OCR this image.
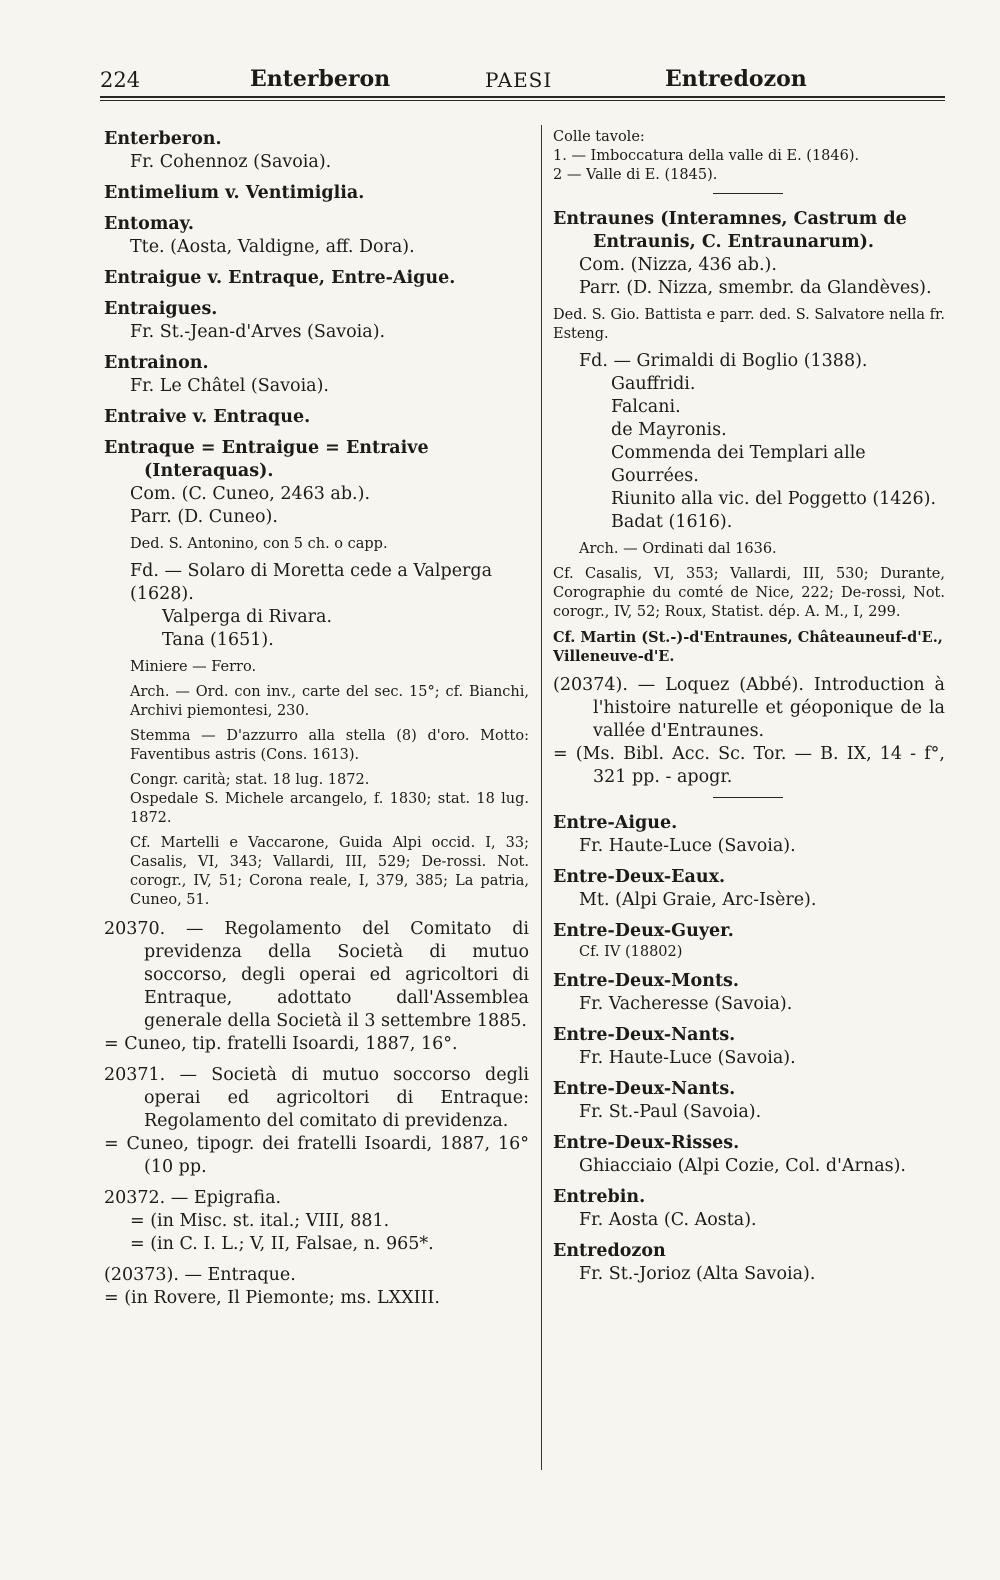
224	Enterberon	PAESI	Entredozon
Enterberon.
Fr. Cohennoz (Savoia).
Entimelium v. Ventimiglia.
Entomay.
Tte. (Aosta, Valdigne, aff. Dora).
Entraigue v. Entraque, Entre-Aigue.
Entraigues.
Fr. St.-Jean-d'Arves (Savoia).
Entrainon.
Fr. Le Châtel (Savoia).
Entraive v. Entraque.
Entraque = Entraigue = Entraive (Interaquas).
Com. (C. Cuneo, 2463 ab.).
Parr. (D. Cuneo).
Ded. S. Antonino, con 5 ch. o capp.
Fd. — Solaro di Moretta cede a Valperga (1628).
Valperga di Rivara.
Tana (1651).
Miniere — Ferro.
Arch. — Ord. con inv., carte del sec. 15°; cf. Bianchi, Archivi piemontesi, 230.
Stemma — D'azzurro alla stella (8) d'oro. Motto: Faventibus astris (Cons. 1613).
Congr. carità; stat. 18 lug. 1872.
Ospedale S. Michele arcangelo, f. 1830; stat. 18 lug. 1872.
Cf. Martelli e Vaccarone, Guida Alpi occid. I, 33; Casalis, VI, 343; Vallardi, III, 529; De-rossi. Not. corogr., IV, 51; Corona reale, I, 379, 385; La patria, Cuneo, 51.
20370. — Regolamento del Comitato di previdenza della Società di mutuo soccorso, degli operai ed agricoltori di Entraque, adottato dall'Assemblea generale della Società il 3 settembre 1885.
= Cuneo, tip. fratelli Isoardi, 1887, 16°.
20371. — Società di mutuo soccorso degli operai ed agricoltori di Entraque: Regolamento del comitato di previdenza.
= Cuneo, tipogr. dei fratelli Isoardi, 1887, 16° (10 pp.
20372. — Epigrafia.
= (in Misc. st. ital.; VIII, 881.
= (in C. I. L.; V, II, Falsae, n. 965*.
(20373). — Entraque.
= (in Rovere, Il Piemonte; ms. LXXIII.
Colle tavole:
1. — Imboccatura della valle di E. (1846).
2 — Valle di E. (1845).
Entraunes (Interamnes, Castrum de Entraunis, C. Entraunarum).
Com. (Nizza, 436 ab.).
Parr. (D. Nizza, smembr. da Glandèves).
Ded. S. Gio. Battista e parr. ded. S. Salvatore nella fr. Esteng.
Fd. — Grimaldi di Boglio (1388).
Gauffridi.
Falcani.
de Mayronis.
Commenda dei Templari alle Gourrées.
Riunito alla vic. del Poggetto (1426).
Badat (1616).
Arch. — Ordinati dal 1636.
Cf. Casalis, VI, 353; Vallardi, III, 530; Durante, Corographie du comté de Nice, 222; De-rossi, Not. corogr., IV, 52; Roux, Statist. dép. A. M., I, 299.
Cf. Martin (St.-)-d'Entraunes, Châteauneuf-d'E., Villeneuve-d'E.
(20374). — Loquez (Abbé). Introduction à l'histoire naturelle et géoponique de la vallée d'Entraunes.
= (Ms. Bibl. Acc. Sc. Tor. — B. IX, 14 - f°, 321 pp. - apogr.
Entre-Aigue.
Fr. Haute-Luce (Savoia).
Entre-Deux-Eaux.
Mt. (Alpi Graie, Arc-Isère).
Entre-Deux-Guyer.
Cf. IV (18802)
Entre-Deux-Monts.
Fr. Vacheresse (Savoia).
Entre-Deux-Nants.
Fr. Haute-Luce (Savoia).
Entre-Deux-Nants.
Fr. St.-Paul (Savoia).
Entre-Deux-Risses.
Ghiacciaio (Alpi Cozie, Col. d'Arnas).
Entrebin.
Fr. Aosta (C. Aosta).
Entredozon
Fr. St.-Jorioz (Alta Savoia).
